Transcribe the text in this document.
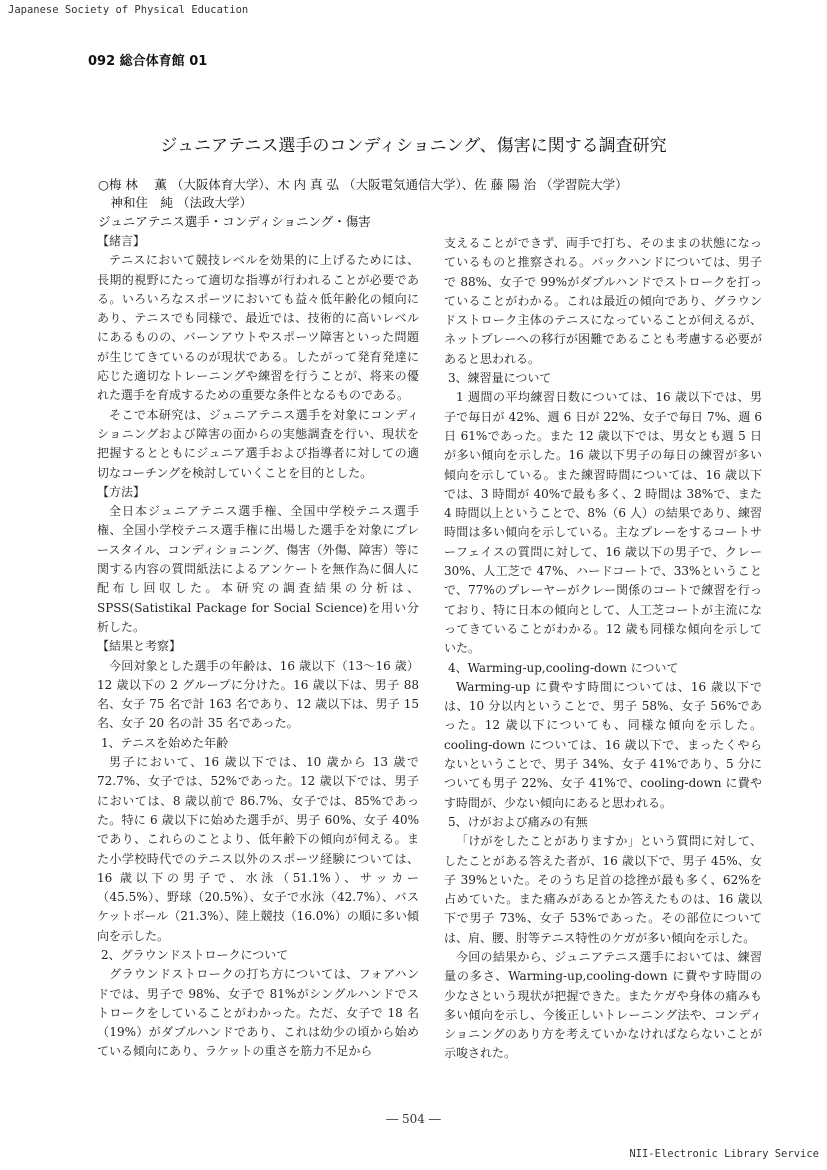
Japanese Society of Physical Education
092 総合体育館 01
ジュニアテニス選手のコンディショニング、傷害に関する調査研究
○梅 林　 薫 （大阪体育大学）、木 内 真 弘 （大阪電気通信大学）、佐 藤 陽 治 （学習院大学）
　神和住　純 （法政大学）
ジュニアテニス選手・コンディショニング・傷害

【緒言】

テニスにおいて競技レベルを効果的に上げるためには、長期的視野にたって適切な指導が行われることが必要である。いろいろなスポーツにおいても益々低年齢化の傾向にあり、テニスでも同様で、最近では、技術的に高いレベルにあるものの、バーンアウトやスポーツ障害といった問題が生じてきているのが現状である。したがって発育発達に応じた適切なトレーニングや練習を行うことが、将来の優れた選手を育成するための重要な条件となるものである。

そこで本研究は、ジュニアテニス選手を対象にコンディショニングおよび障害の面からの実態調査を行い、現状を把握するとともにジュニア選手および指導者に対しての適切なコーチングを検討していくことを目的とした。

【方法】

全日本ジュニアテニス選手権、全国中学校テニス選手権、全国小学校テニス選手権に出場した選手を対象にプレースタイル、コンディショニング、傷害（外傷、障害）等に関する内容の質問紙法によるアンケートを無作為に個人に配布し回収した。本研究の調査結果の分析は、SPSS(Satistikal Package for Social Science)を用い分析した。

【結果と考察】

今回対象とした選手の年齢は、16 歳以下（13～16 歳）12 歳以下の 2 グループに分けた。16 歳以下は、男子 88 名、女子 75 名で計 163 名であり、12 歳以下は、男子 15 名、女子 20 名の計 35 名であった。

1、テニスを始めた年齢

男子において、16 歳以下では、10 歳から 13 歳で 72.7%、女子では、52%であった。12 歳以下では、男子においては、8 歳以前で 86.7%、女子では、85%であった。特に 6 歳以下に始めた選手が、男子 60%、女子 40%であり、これらのことより、低年齢下の傾向が伺える。また小学校時代でのテニス以外のスポーツ経験については、16 歳以下の男子で、水泳（51.1%）、サッカー（45.5%）、野球（20.5%）、女子で水泳（42.7%）、バスケットボール（21.3%）、陸上競技（16.0%）の順に多い傾向を示した。

2、グラウンドストロークについて

グラウンドストロークの打ち方については、フォアハンドでは、男子で 98%、女子で 81%がシングルハンドでストロークをしていることがわかった。ただ、女子で 18 名（19%）がダブルハンドであり、これは幼少の頃から始めている傾向にあり、ラケットの重さを筋力不足から

支えることができず、両手で打ち、そのままの状態になっているものと推察される。バックハンドについては、男子で 88%、女子で 99%がダブルハンドでストロークを打っていることがわかる。これは最近の傾向であり、グラウンドストローク主体のテニスになっていることが伺えるが、ネットプレーへの移行が困難であることも考慮する必要があると思われる。

3、練習量について

1 週間の平均練習日数については、16 歳以下では、男子で毎日が 42%、週 6 日が 22%、女子で毎日 7%、週 6 日 61%であった。また 12 歳以下では、男女とも週 5 日が多い傾向を示した。16 歳以下男子の毎日の練習が多い傾向を示している。また練習時間については、16 歳以下では、3 時間が 40%で最も多く、2 時間は 38%で、また 4 時間以上ということで、8%（6 人）の結果であり、練習時間は多い傾向を示している。主なプレーをするコートサーフェイスの質問に対して、16 歳以下の男子で、クレー30%、人工芝で 47%、ハードコートで、33%ということで、77%のプレーヤーがクレー関係のコートで練習を行っており、特に日本の傾向として、人工芝コートが主流になってきていることがわかる。12 歳も同様な傾向を示していた。

4、Warming-up,cooling-down について

Warming-up に費やす時間については、16 歳以下では、10 分以内ということで、男子 58%、女子 56%であった。12 歳以下についても、同様な傾向を示した。cooling-down については、16 歳以下で、まったくやらないということで、男子 34%、女子 41%であり、5 分についても男子 22%、女子 41%で、cooling-down に費やす時間が、少ない傾向にあると思われる。

5、けがおよび痛みの有無

「けがをしたことがありますか」という質問に対して、したことがある答えた者が、16 歳以下で、男子 45%、女子 39%といた。そのうち足首の捻挫が最も多く、62%を占めていた。また痛みがあるとか答えたものは、16 歳以下で男子 73%、女子 53%であった。その部位については、肩、腰、肘等テニス特性のケガが多い傾向を示した。

今回の結果から、ジュニアテニス選手においては、練習量の多さ、Warming-up,cooling-down に費やす時間の少なさという現状が把握できた。またケガや身体の痛みも多い傾向を示し、今後正しいトレーニング法や、コンディショニングのあり方を考えていかなければならないことが示唆された。

― 504 ―
NII-Electronic Library Service
